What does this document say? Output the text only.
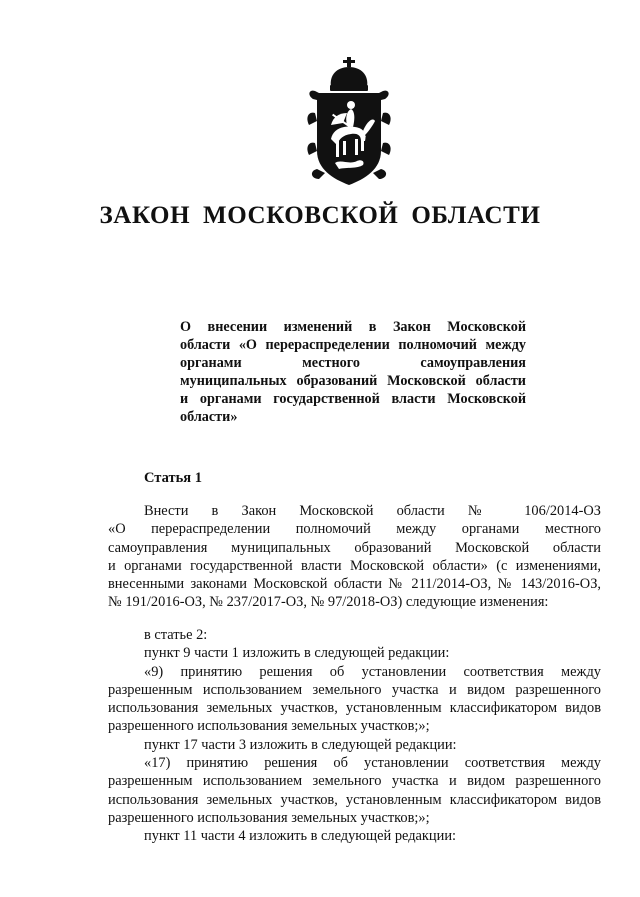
ЗАКОН МОСКОВСКОЙ ОБЛАСТИ
О внесении изменений в Закон Московской
области «О перераспределении полномочий между
органами местного самоуправления
муниципальных образований Московской области
и органами государственной власти Московской
области»
Статья 1
Внести в Закон Московской области № 106/2014-ОЗ
«О перераспределении полномочий между органами местного
самоуправления муниципальных образований Московской области
и органами государственной власти Московской области» (с изменениями,
внесенными законами Московской области № 211/2014-ОЗ, № 143/2016-ОЗ,
№ 191/2016-ОЗ, № 237/2017-ОЗ, № 97/2018-ОЗ) следующие изменения:
в статье 2:
пункт 9 части 1 изложить в следующей редакции:
«9) принятию решения об установлении соответствия между
разрешенным использованием земельного участка и видом разрешенного
использования земельных участков, установленным классификатором видов
разрешенного использования земельных участков;»;
пункт 17 части 3 изложить в следующей редакции:
«17) принятию решения об установлении соответствия между
разрешенным использованием земельного участка и видом разрешенного
использования земельных участков, установленным классификатором видов
разрешенного использования земельных участков;»;
пункт 11 части 4 изложить в следующей редакции:
